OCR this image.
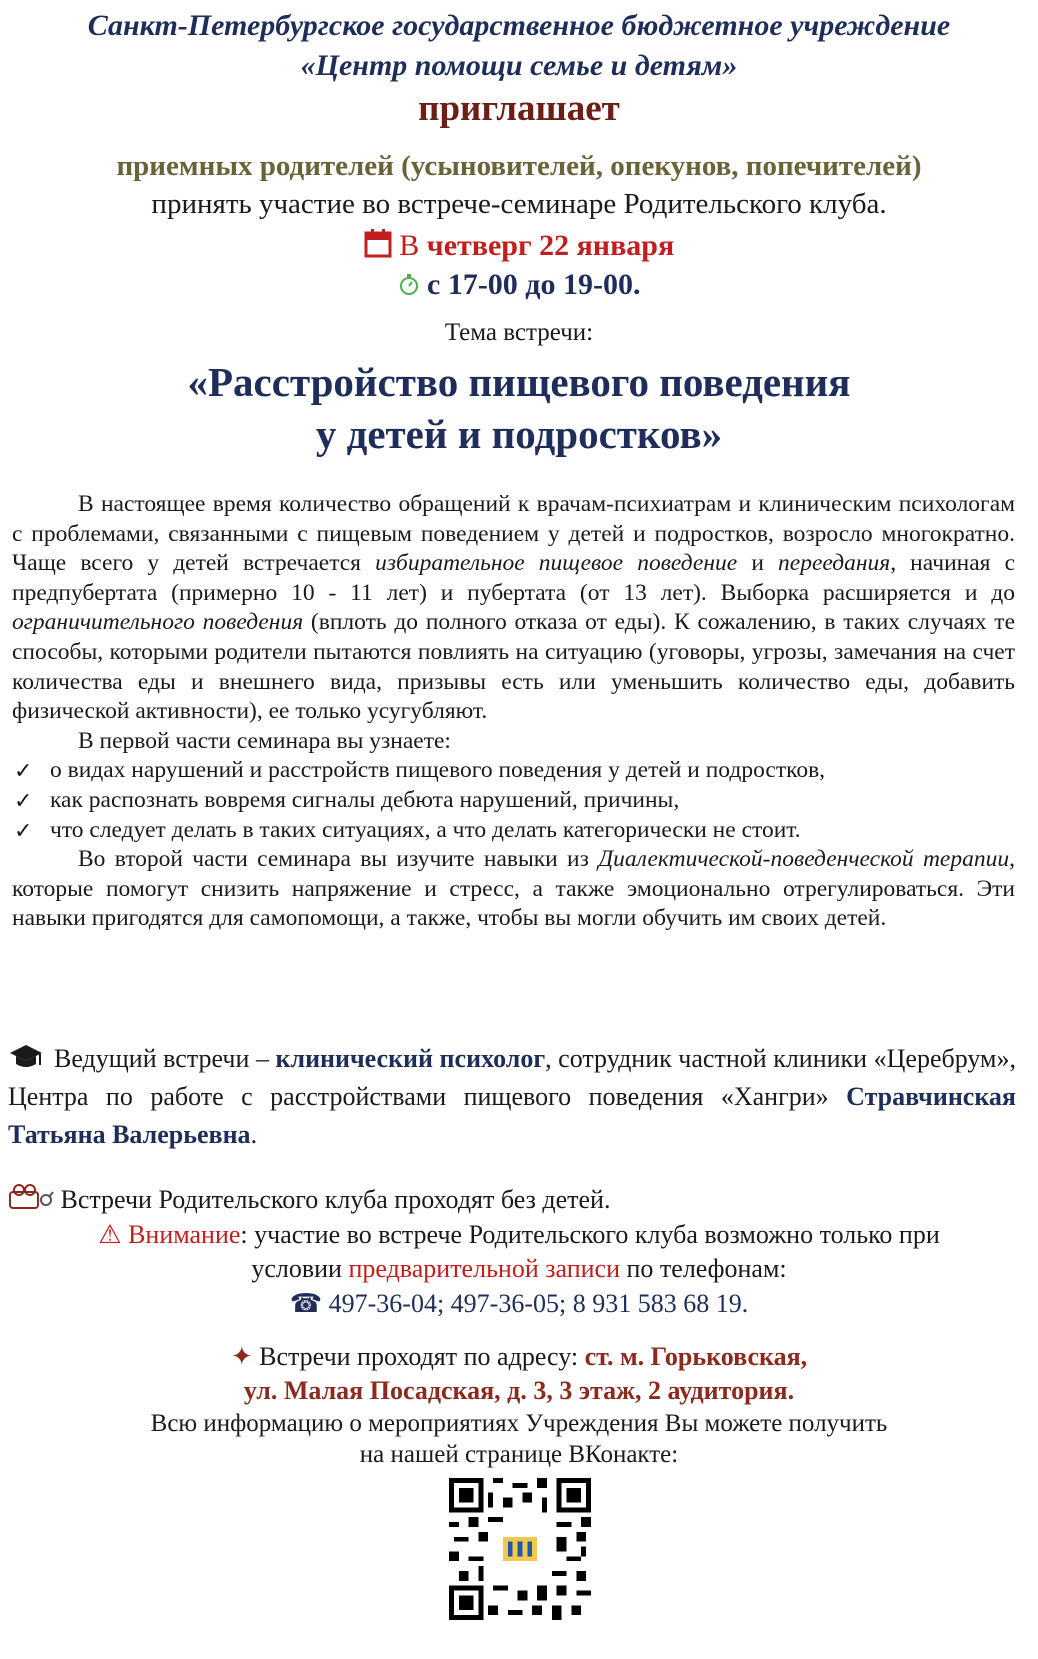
Санкт-Петербургское государственное бюджетное учреждение
«Центр помощи семье и детям»
приглашает
приемных родителей (усыновителей, опекунов, попечителей)
принять участие во встрече-семинаре Родительского клуба.
В четверг 22 января
с 17-00 до 19-00.
Тема встречи:
«Расстройство пищевого поведения
у детей и подростков»

В настоящее время количество обращений к врачам-психиатрам и клиническим психологам с проблемами, связанными с пищевым поведением у детей и подростков, возросло многократно. Чаще всего у детей встречается избирательное пищевое поведение и переедания, начиная с предпубертата (примерно 10 - 11 лет) и пубертата (от 13 лет). Выборка расширяется и до ограничительного поведения (вплоть до полного отказа от еды). К сожалению, в таких случаях те способы, которыми родители пытаются повлиять на ситуацию (уговоры, угрозы, замечания на счет количества еды и внешнего вида, призывы есть или уменьшить количество еды, добавить физической активности), ее только усугубляют.

В первой части семинара вы узнаете:

✓ о видах нарушений и расстройств пищевого поведения у детей и подростков,
✓ как распознать вовремя сигналы дебюта нарушений, причины,
✓ что следует делать в таких ситуациях, а что делать категорически не стоит.

Во второй части семинара вы изучите навыки из Диалектической-поведенческой терапии, которые помогут снизить напряжение и стресс, а также эмоционально отрегулироваться. Эти навыки пригодятся для самопомощи, а также, чтобы вы могли обучить им своих детей.

Ведущий встречи – клинический психолог, сотрудник частной клиники «Церебрум», Центра по работе с расстройствами пищевого поведения «Хангри» Стравчинская Татьяна Валерьевна.
Встречи Родительского клуба проходят без детей.
⚠ Внимание: участие во встрече Родительского клуба возможно только при
условии предварительной записи по телефонам:
☎ 497-36-04; 497-36-05; 8 931 583 68 19.
✦ Встречи проходят по адресу: ст. м. Горьковская,
ул. Малая Посадская, д. 3, 3 этаж, 2 аудитория.
Всю информацию о мероприятиях Учреждения Вы можете получить
на нашей странице ВКонакте:
